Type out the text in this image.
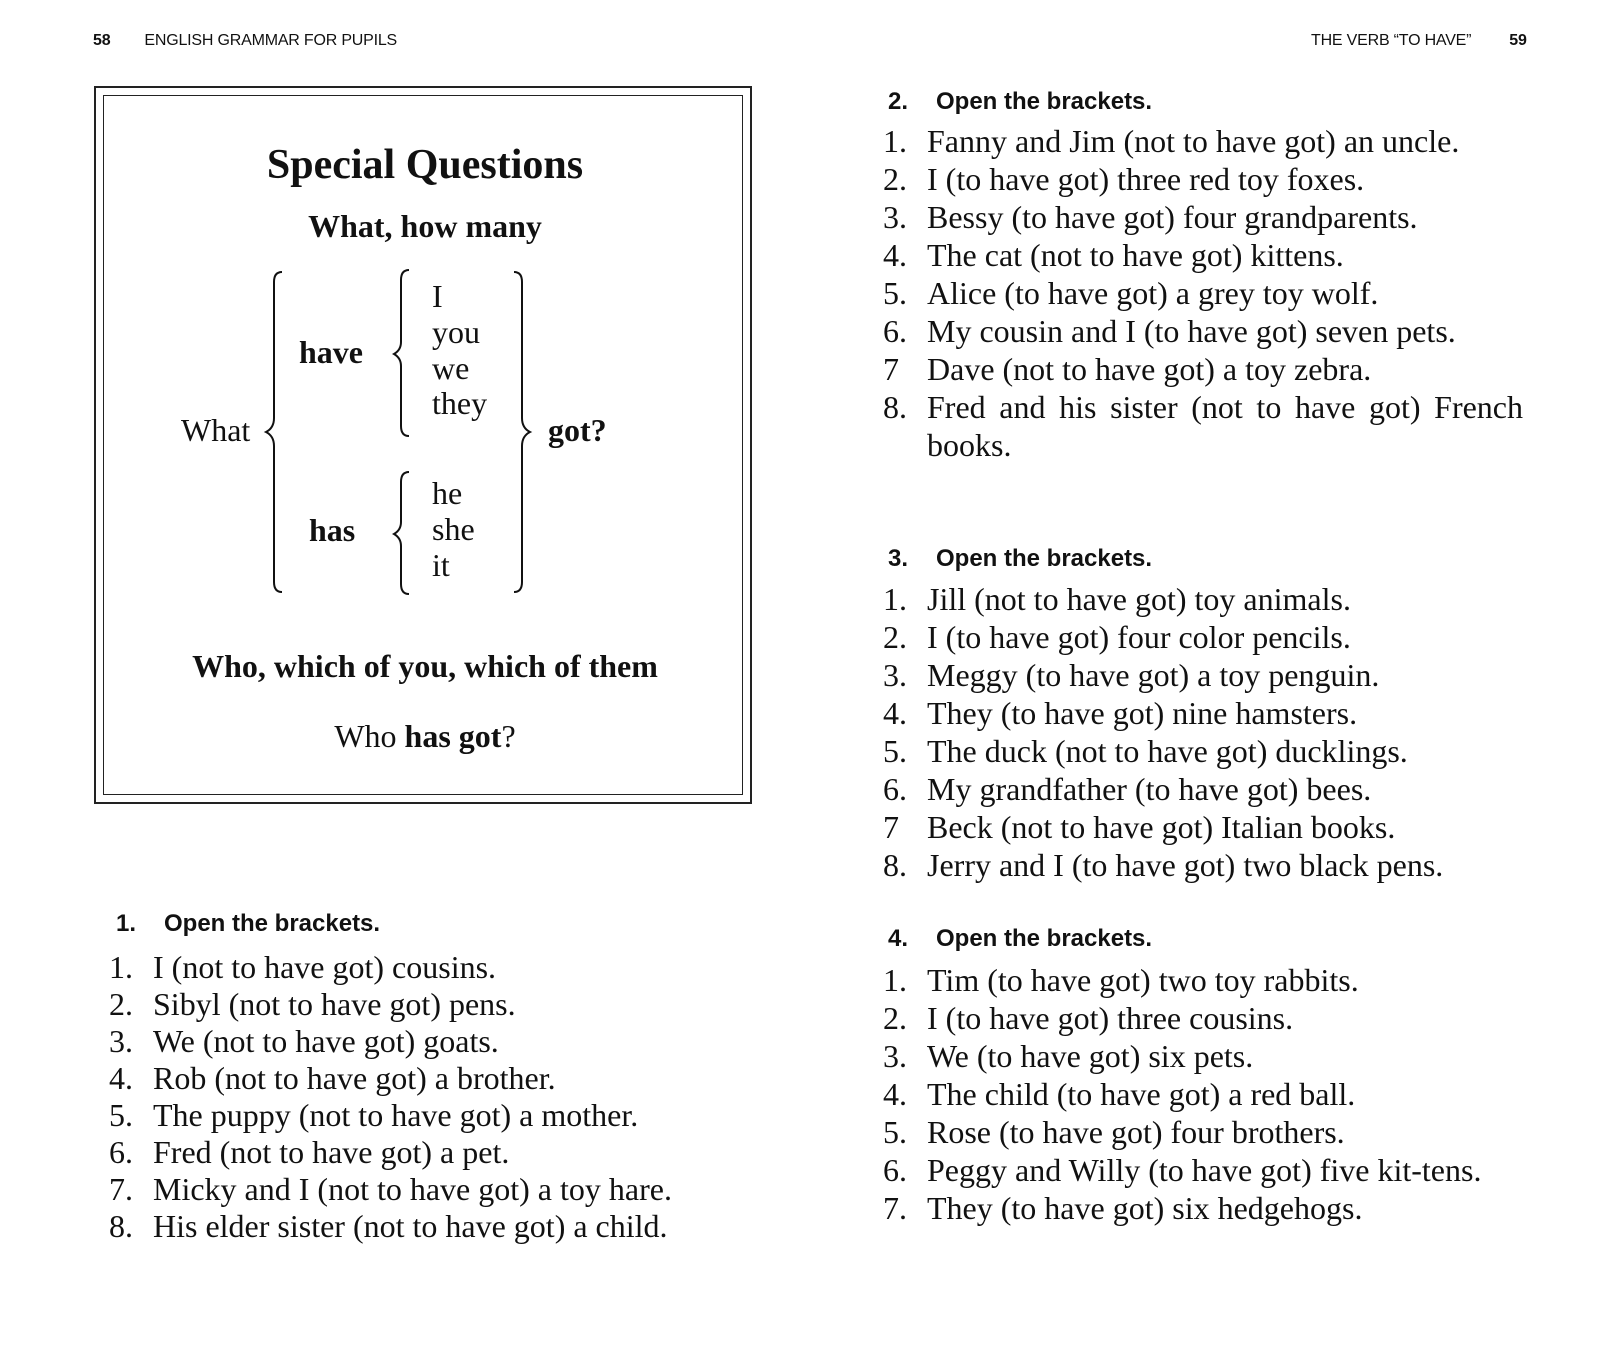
58 ENGLISH GRAMMAR FOR PUPILS	THE VERB “TO HAVE” 59
Special Questions
What, how many
What
have
has
I
you
we
they
he
she
it
got?
Who, which of you, which of them
Who has got?
1. Open the brackets.
1. I (not to have got) cousins.
2. Sibyl (not to have got) pens.
3. We (not to have got) goats.
4. Rob (not to have got) a brother.
5. The puppy (not to have got) a mother.
6. Fred (not to have got) a pet.
7. Micky and I (not to have got) a toy hare.
8. His elder sister (not to have got) a child.
2. Open the brackets.
1. Fanny and Jim (not to have got) an uncle.
2. I (to have got) three red toy foxes.
3. Bessy (to have got) four grandparents.
4. The cat (not to have got) kittens.
5. Alice (to have got) a grey toy wolf.
6. My cousin and I (to have got) seven pets.
7 Dave (not to have got) a toy zebra.
8. Fred and his sister (not to have got) French books.
3. Open the brackets.
1. Jill (not to have got) toy animals.
2. I (to have got) four color pencils.
3. Meggy (to have got) a toy penguin.
4. They (to have got) nine hamsters.
5. The duck (not to have got) ducklings.
6. My grandfather (to have got) bees.
7 Beck (not to have got) Italian books.
8. Jerry and I (to have got) two black pens.
4. Open the brackets.
1. Tim (to have got) two toy rabbits.
2. I (to have got) three cousins.
3. We (to have got) six pets.
4. The child (to have got) a red ball.
5. Rose (to have got) four brothers.
6. Peggy and Willy (to have got) five kit-tens.
7. They (to have got) six hedgehogs.
